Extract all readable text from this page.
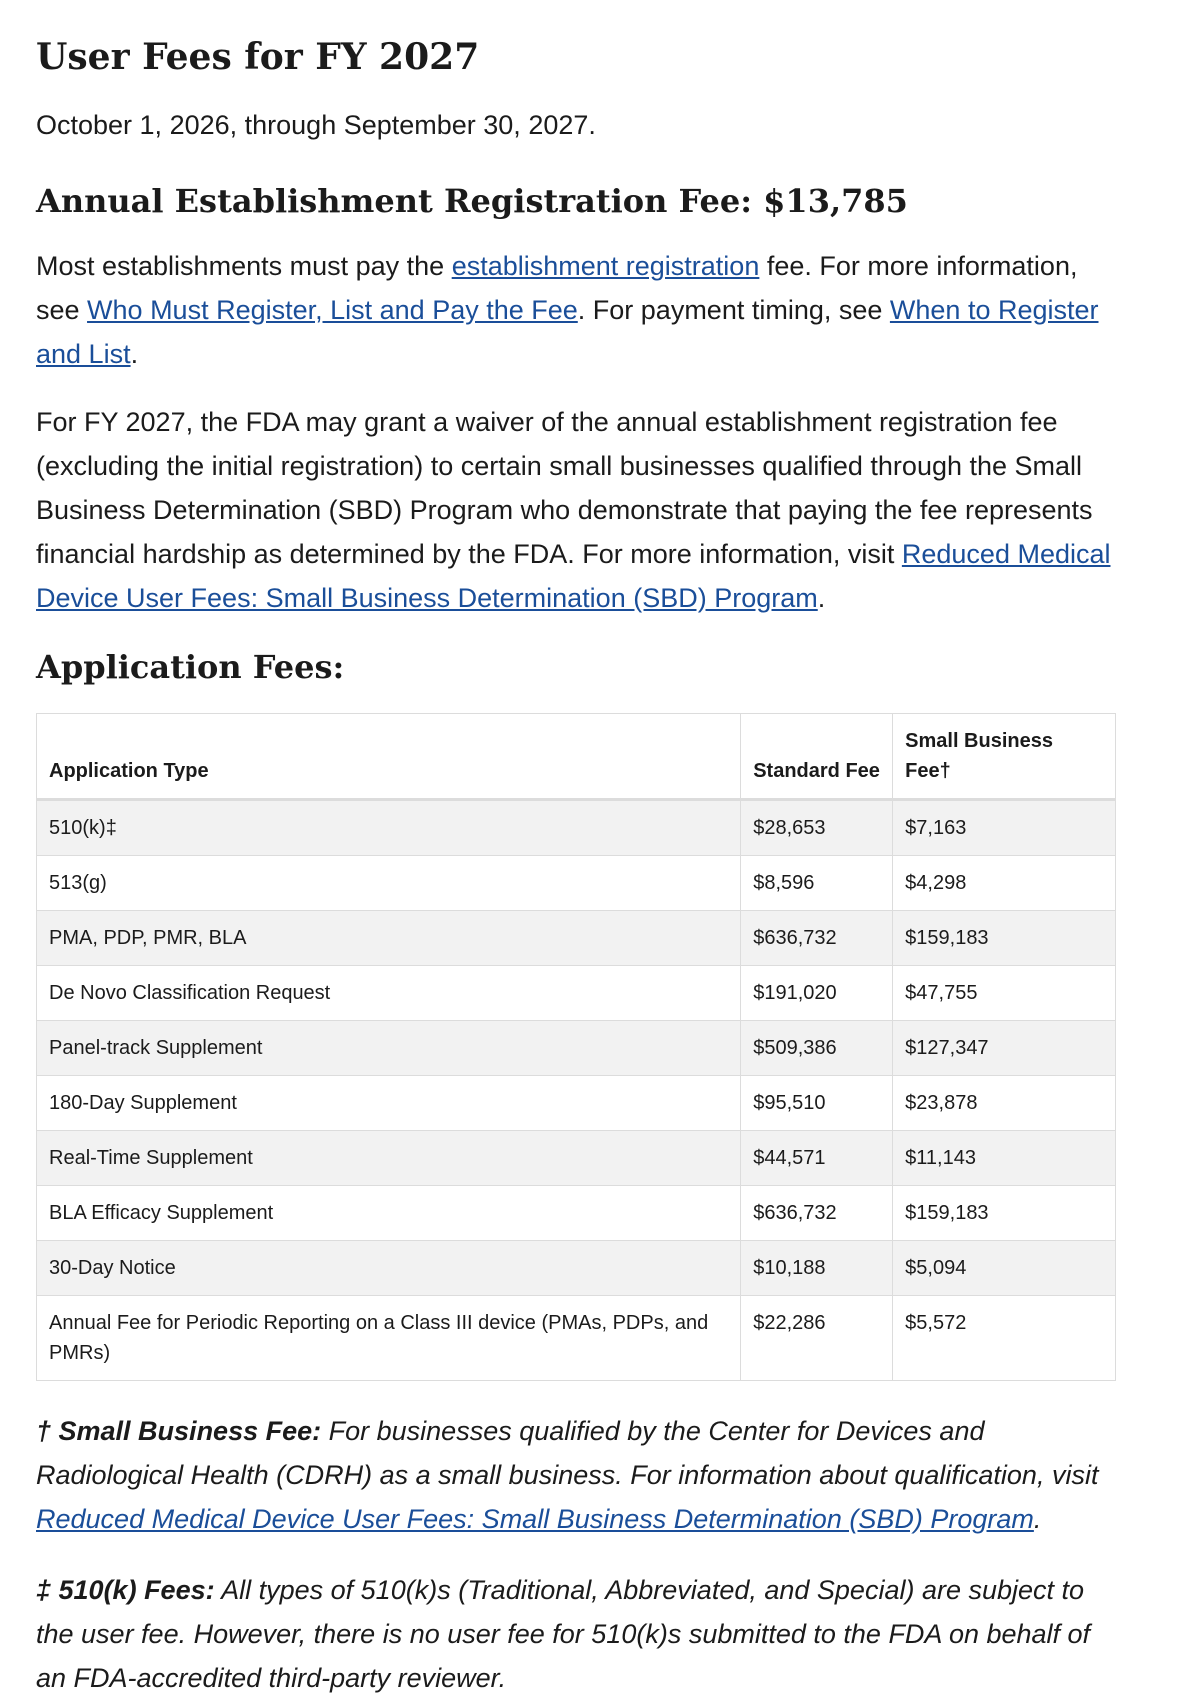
User Fees for FY 2027

October 1, 2026, through September 30, 2027.

Annual Establishment Registration Fee: $13,785

Most establishments must pay the establishment registration fee. For more information, see Who Must Register, List and Pay the Fee. For payment timing, see When to Register and List.

For FY 2027, the FDA may grant a waiver of the annual establishment registration fee (excluding the initial registration) to certain small businesses qualified through the Small Business Determination (SBD) Program who demonstrate that paying the fee represents financial hardship as determined by the FDA. For more information, visit Reduced Medical Device User Fees: Small Business Determination (SBD) Program.

Application Fees:
Application Type	Standard Fee	Small Business Fee†
510(k)‡	$28,653	$7,163
513(g)	$8,596	$4,298
PMA, PDP, PMR, BLA	$636,732	$159,183
De Novo Classification Request	$191,020	$47,755
Panel-track Supplement	$509,386	$127,347
180-Day Supplement	$95,510	$23,878
Real-Time Supplement	$44,571	$11,143
BLA Efficacy Supplement	$636,732	$159,183
30-Day Notice	$10,188	$5,094
Annual Fee for Periodic Reporting on a Class III device (PMAs, PDPs, and PMRs)	$22,286	$5,572

† Small Business Fee: For businesses qualified by the Center for Devices and Radiological Health (CDRH) as a small business. For information about qualification, visit Reduced Medical Device User Fees: Small Business Determination (SBD) Program.

‡ 510(k) Fees: All types of 510(k)s (Traditional, Abbreviated, and Special) are subject to the user fee. However, there is no user fee for 510(k)s submitted to the FDA on behalf of an FDA-accredited third-party reviewer.
